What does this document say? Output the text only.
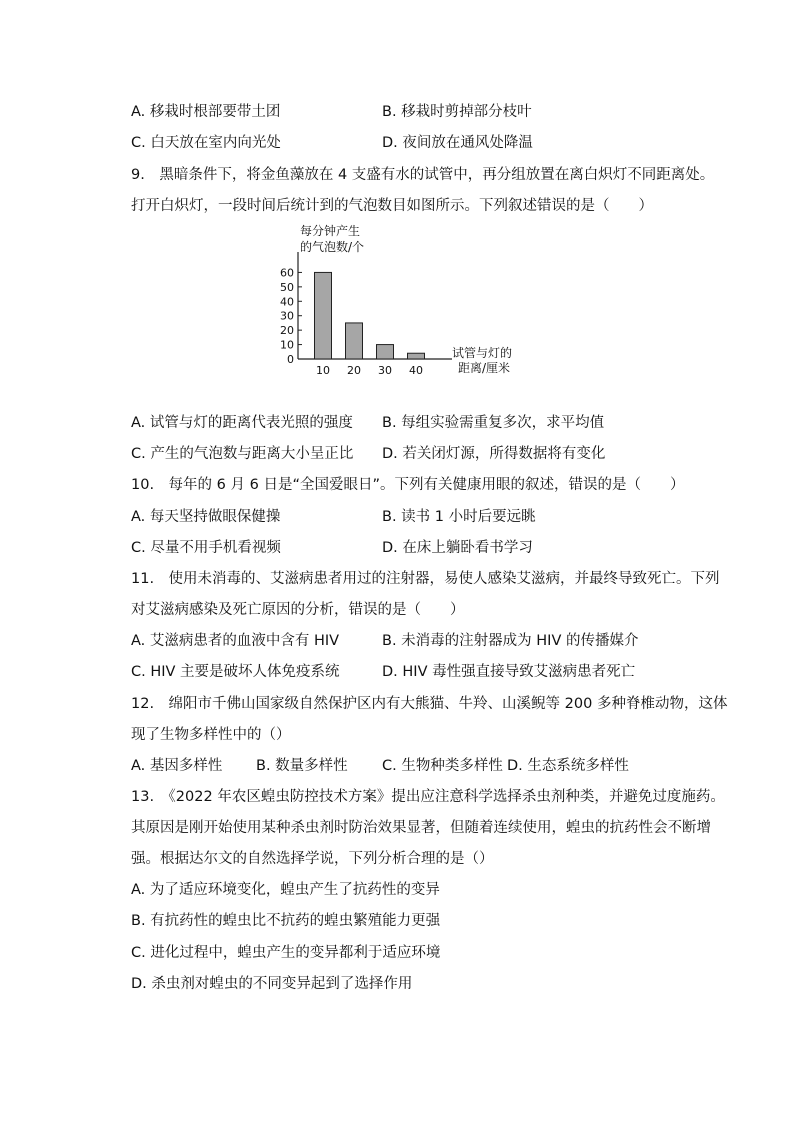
A. 移栽时根部要带土团	B. 移栽时剪掉部分枝叶
C. 白天放在室内向光处	D. 夜间放在通风处降温
9.　黑暗条件下，将金鱼藻放在 4 支盛有水的试管中，再分组放置在离白炽灯不同距离处。
打开白炽灯，一段时间后统计到的气泡数目如图所示。下列叙述错误的是（　　）
每分钟产生
的气泡数/个
试管与灯的
距离/厘米
0
10
20
30
40
50
60
10 20 30 40
A. 试管与灯的距离代表光照的强度 B. 每组实验需重复多次，求平均值
C. 产生的气泡数与距离大小呈正比 D. 若关闭灯源，所得数据将有变化
10.　每年的 6 月 6 日是“全国爱眼日”。下列有关健康用眼的叙述，错误的是（　　）
A. 每天坚持做眼保健操	B. 读书 1 小时后要远眺
C. 尽量不用手机看视频	D. 在床上躺卧看书学习
11.　使用未消毒的、艾滋病患者用过的注射器，易使人感染艾滋病，并最终导致死亡。下列
对艾滋病感染及死亡原因的分析，错误的是（　　）
A. 艾滋病患者的血液中含有 HIV	B. 未消毒的注射器成为 HIV 的传播媒介
C. HIV 主要是破坏人体免疫系统	D. HIV 毒性强直接导致艾滋病患者死亡
12.　绵阳市千佛山国家级自然保护区内有大熊猫、牛羚、山溪鲵等 200 多种脊椎动物，这体
现了生物多样性中的（）
A. 基因多样性 B. 数量多样性 C. 生物种类多样性 D. 生态系统多样性
13.　《2022 年农区蝗虫防控技术方案》提出应注意科学选择杀虫剂种类，并避免过度施药。
其原因是刚开始使用某种杀虫剂时防治效果显著，但随着连续使用，蝗虫的抗药性会不断增
强。根据达尔文的自然选择学说，下列分析合理的是（）
A. 为了适应环境变化，蝗虫产生了抗药性的变异
B. 有抗药性的蝗虫比不抗药的蝗虫繁殖能力更强
C. 进化过程中，蝗虫产生的变异都利于适应环境
D. 杀虫剂对蝗虫的不同变异起到了选择作用
